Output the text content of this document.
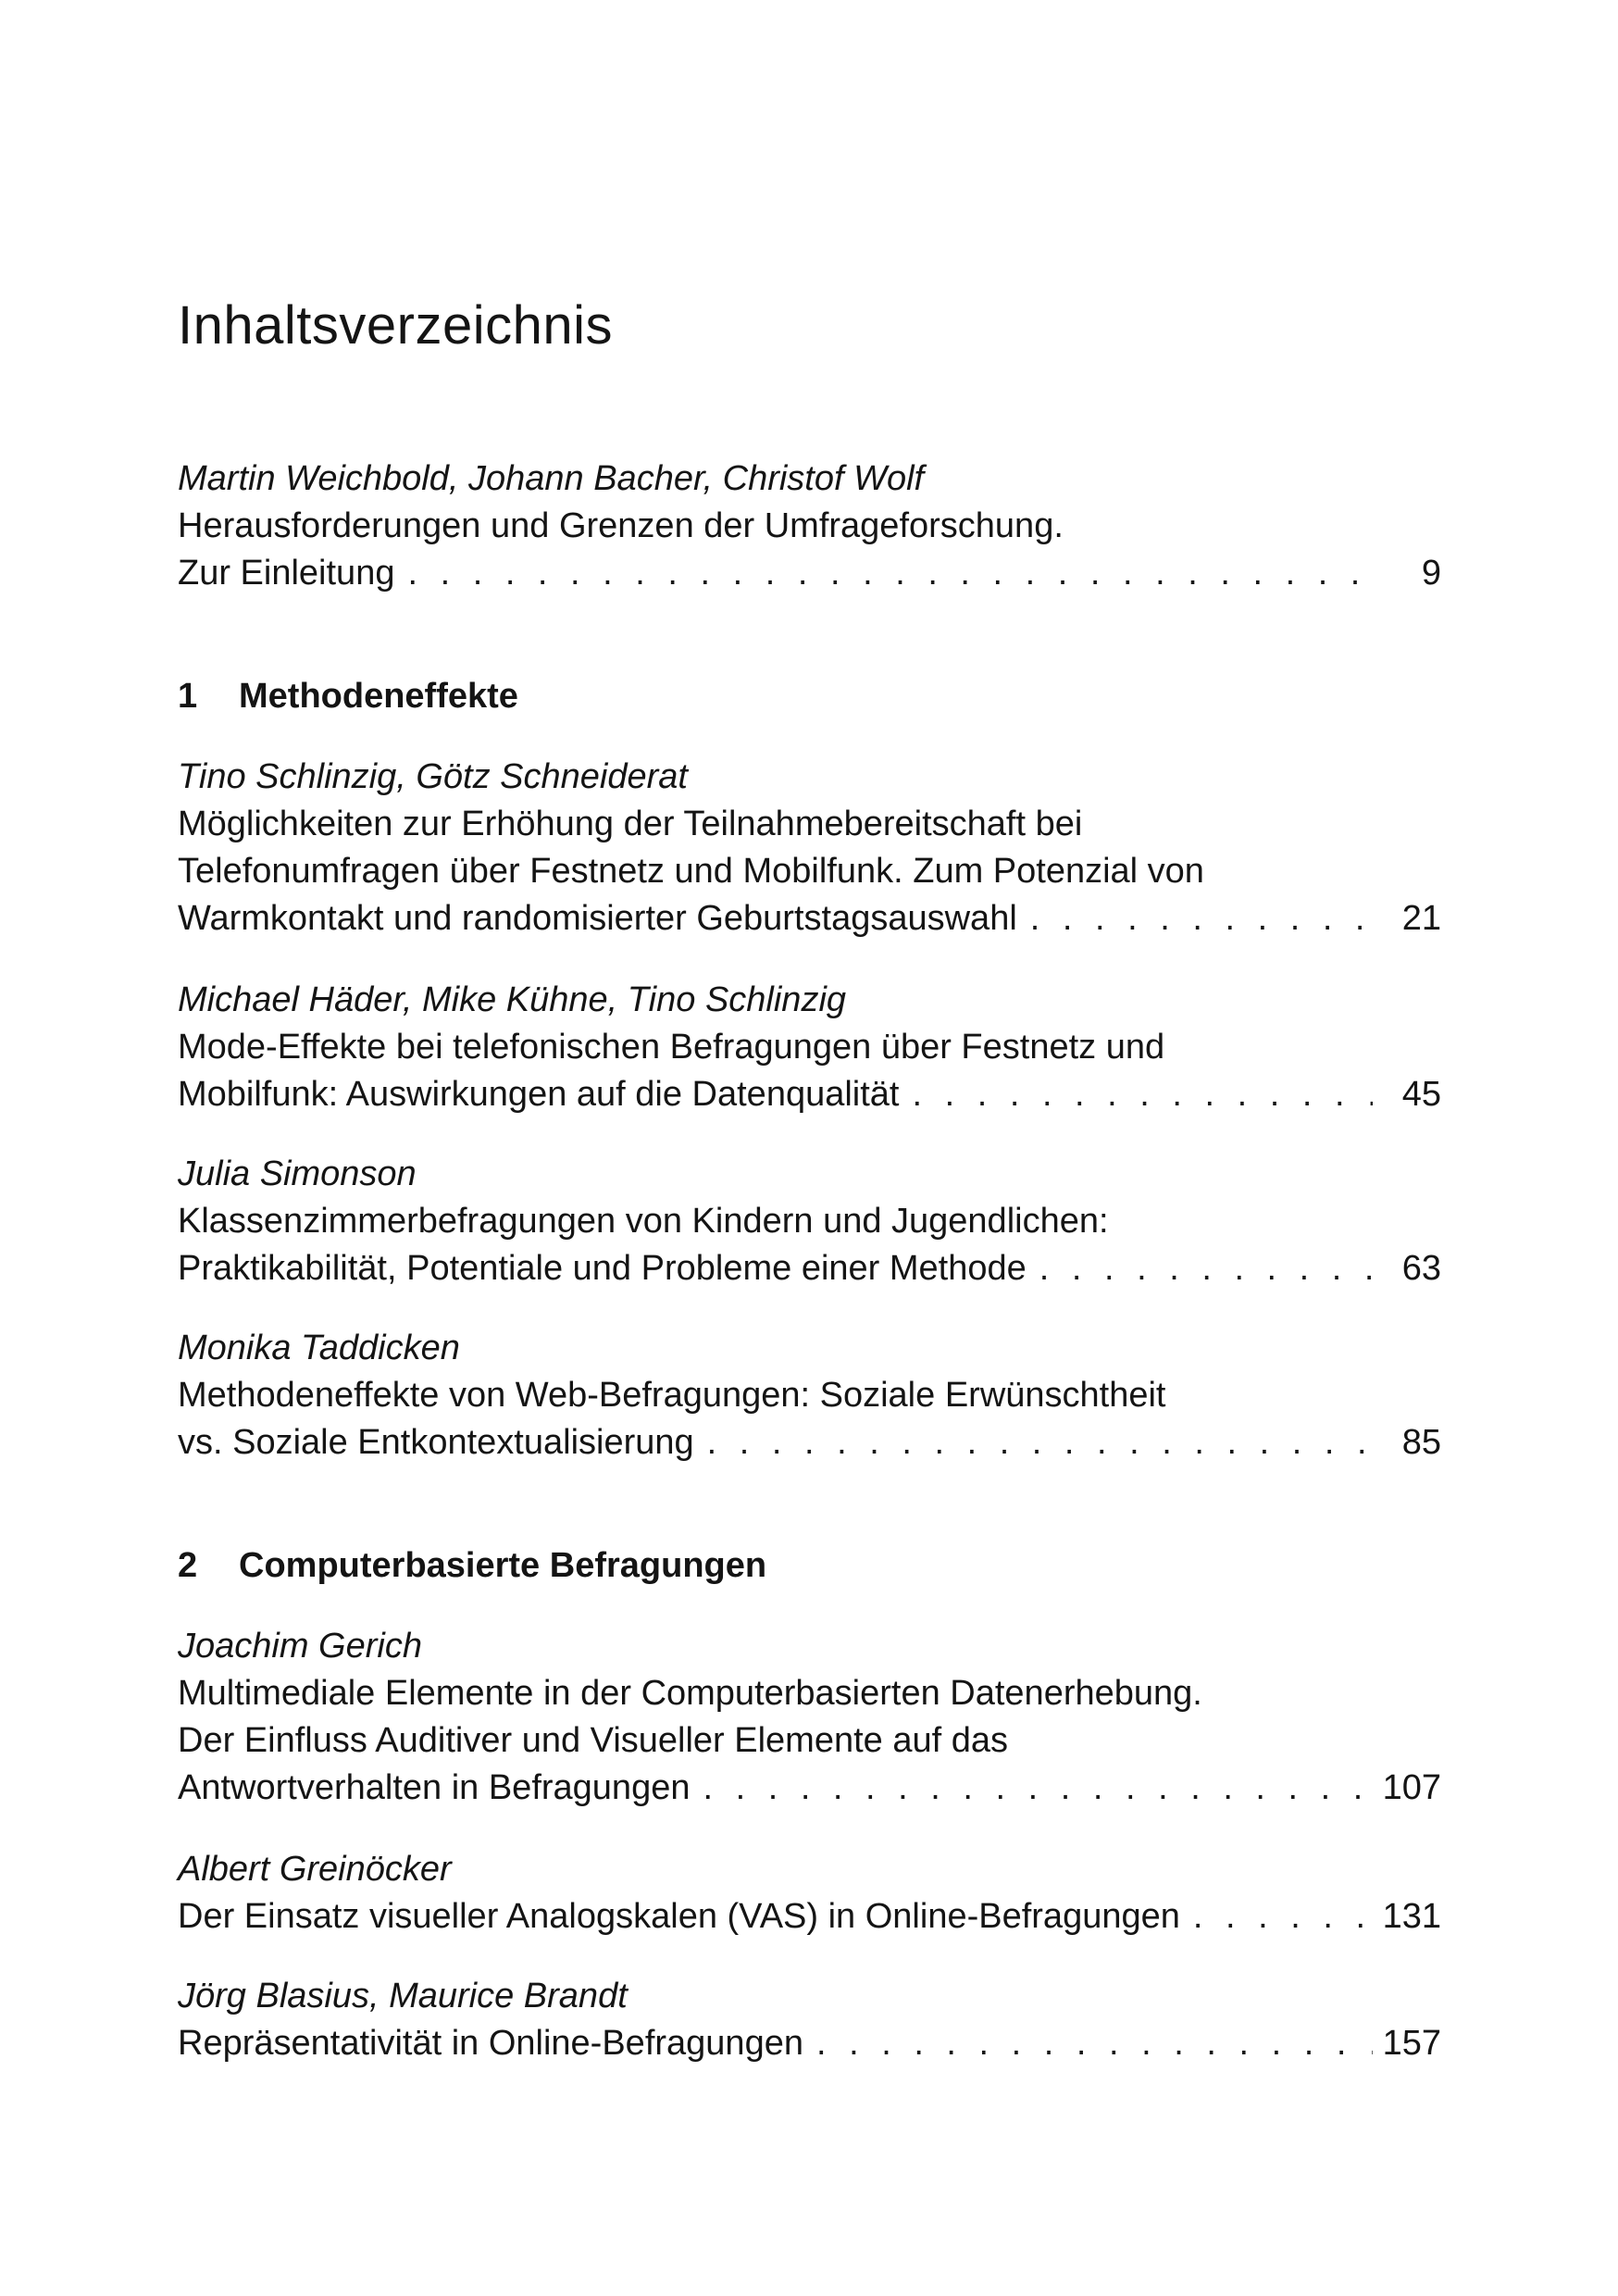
Inhaltsverzeichnis
Martin Weichbold, Johann Bacher, Christof Wolf
Herausforderungen und Grenzen der Umfrageforschung.
Zur Einleitung . . .	9
1 Methodeneffekte
Tino Schlinzig, Götz Schneiderat
Möglichkeiten zur Erhöhung der Teilnahmebereitschaft bei
Telefonumfragen über Festnetz und Mobilfunk. Zum Potenzial von
Warmkontakt und randomisierter Geburtstagsauswahl . . .	21
Michael Häder, Mike Kühne, Tino Schlinzig
Mode-Effekte bei telefonischen Befragungen über Festnetz und
Mobilfunk: Auswirkungen auf die Datenqualität . . .	45
Julia Simonson
Klassenzimmerbefragungen von Kindern und Jugendlichen:
Praktikabilität, Potentiale und Probleme einer Methode . . .	63
Monika Taddicken
Methodeneffekte von Web-Befragungen: Soziale Erwünschtheit
vs. Soziale Entkontextualisierung . . .	85
2 Computerbasierte Befragungen
Joachim Gerich
Multimediale Elemente in der Computerbasierten Datenerhebung.
Der Einfluss Auditiver und Visueller Elemente auf das
Antwortverhalten in Befragungen . . .	107
Albert Greinöcker
Der Einsatz visueller Analogskalen (VAS) in Online-Befragungen . . .	131
Jörg Blasius, Maurice Brandt
Repräsentativität in Online-Befragungen . . .	157
